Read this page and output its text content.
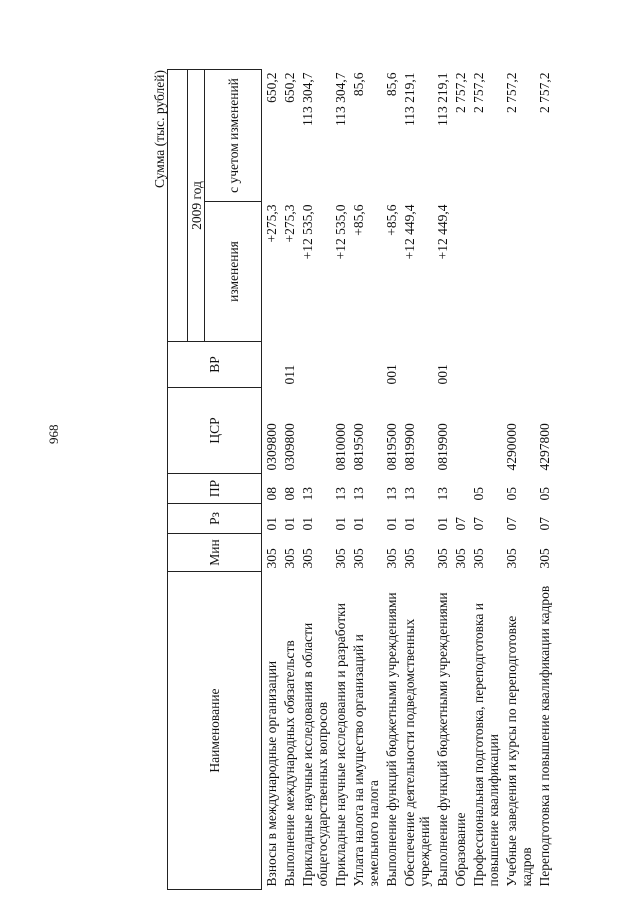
968
Сумма (тыс. рублей)
Наименование	Мин	Рз	ПР	ЦСР	ВР		
						2009 год	
						изменения	с учетом изменений
Взносы в международные организации	305	01	08	0309800		+275,3	650,2
Выполнение международных обязательств	305	01	08	0309800	011	+275,3	650,2
Прикладные научные исследования в области общегосударственных вопросов	305	01	13			+12 535,0	113 304,7
Прикладные научные исследования и разработки	305	01	13	0810000		+12 535,0	113 304,7
Уплата налога на имущество организаций и земельного налога	305	01	13	0819500		+85,6	85,6
Выполнение функций бюджетными учреждениями	305	01	13	0819500	001	+85,6	85,6
Обеспечение деятельности подведомственных учреждений	305	01	13	0819900		+12 449,4	113 219,1
Выполнение функций бюджетными учреждениями	305	01	13	0819900	001	+12 449,4	113 219,1
Образование	305	07					2 757,2
Профессиональная подготовка, переподготовка и повышение квалификации	305	07	05				2 757,2
Учебные заведения и курсы по переподготовке кадров	305	07	05	4290000			2 757,2
Переподготовка и повышение квалификации кадров	305	07	05	4297800			2 757,2
